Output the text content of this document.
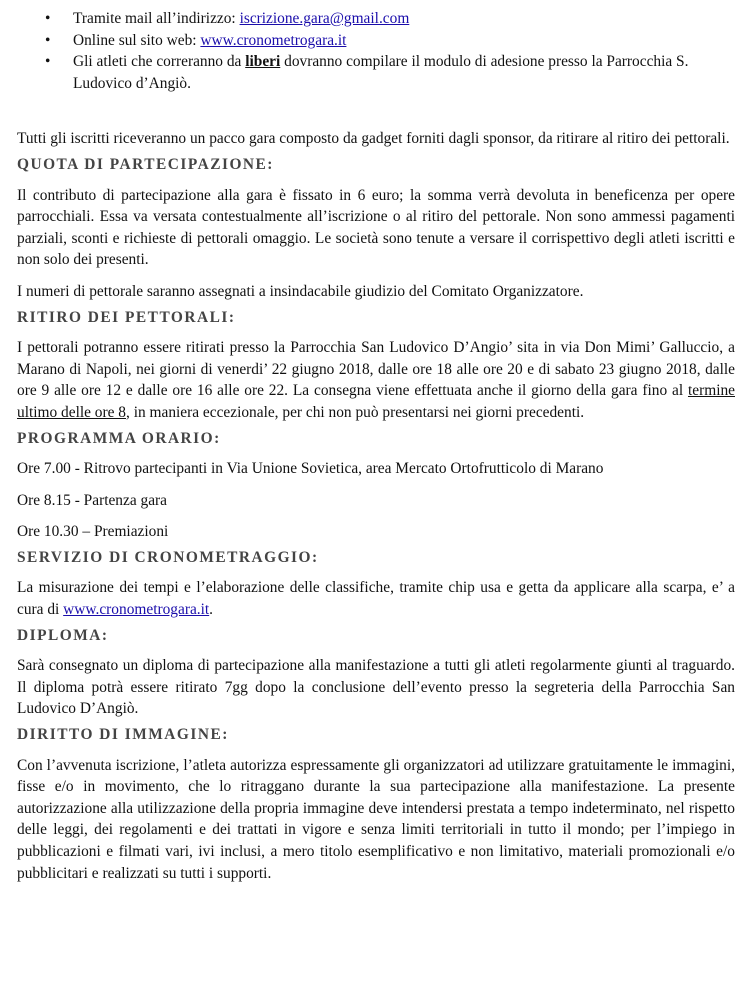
• Tramite mail all’indirizzo: iscrizione.gara@gmail.com
• Online sul sito web: www.cronometrogara.it
• Gli atleti che correranno da liberi dovranno compilare il modulo di adesione presso la Parrocchia S. Ludovico d’Angiò.

Tutti gli iscritti riceveranno un pacco gara composto da gadget forniti dagli sponsor, da ritirare al ritiro dei pettorali.

QUOTA DI PARTECIPAZIONE:

Il contributo di partecipazione alla gara è fissato in 6 euro; la somma verrà devoluta in beneficenza per opere parrocchiali. Essa va versata contestualmente all’iscrizione o al ritiro del pettorale. Non sono ammessi pagamenti parziali, sconti e richieste di pettorali omaggio. Le società sono tenute a versare il corrispettivo degli atleti iscritti e non solo dei presenti.

I numeri di pettorale saranno assegnati a insindacabile giudizio del Comitato Organizzatore.

RITIRO DEI PETTORALI:

I pettorali potranno essere ritirati presso la Parrocchia San Ludovico D’Angio’ sita in via Don Mimi’ Galluccio, a Marano di Napoli, nei giorni di venerdi’ 22 giugno 2018, dalle ore 18 alle ore 20 e di sabato 23 giugno 2018, dalle ore 9 alle ore 12 e dalle ore 16 alle ore 22. La consegna viene effettuata anche il giorno della gara fino al termine ultimo delle ore 8, in maniera eccezionale, per chi non può presentarsi nei giorni precedenti.

PROGRAMMA ORARIO:

Ore 7.00 - Ritrovo partecipanti in Via Unione Sovietica, area Mercato Ortofrutticolo di Marano

Ore 8.15 - Partenza gara

Ore 10.30 – Premiazioni

SERVIZIO DI CRONOMETRAGGIO:

La misurazione dei tempi e l’elaborazione delle classifiche, tramite chip usa e getta da applicare alla scarpa, e’ a cura di www.cronometrogara.it.

DIPLOMA:

Sarà consegnato un diploma di partecipazione alla manifestazione a tutti gli atleti regolarmente giunti al traguardo. Il diploma potrà essere ritirato 7gg dopo la conclusione dell’evento presso la segreteria della Parrocchia San Ludovico D’Angiò.

DIRITTO DI IMMAGINE:

Con l’avvenuta iscrizione, l’atleta autorizza espressamente gli organizzatori ad utilizzare gratuitamente le immagini, fisse e/o in movimento, che lo ritraggano durante la sua partecipazione alla manifestazione. La presente autorizzazione alla utilizzazione della propria immagine deve intendersi prestata a tempo indeterminato, nel rispetto delle leggi, dei regolamenti e dei trattati in vigore e senza limiti territoriali in tutto il mondo; per l’impiego in pubblicazioni e filmati vari, ivi inclusi, a mero titolo esemplificativo e non limitativo, materiali promozionali e/o pubblicitari e realizzati su tutti i supporti.
